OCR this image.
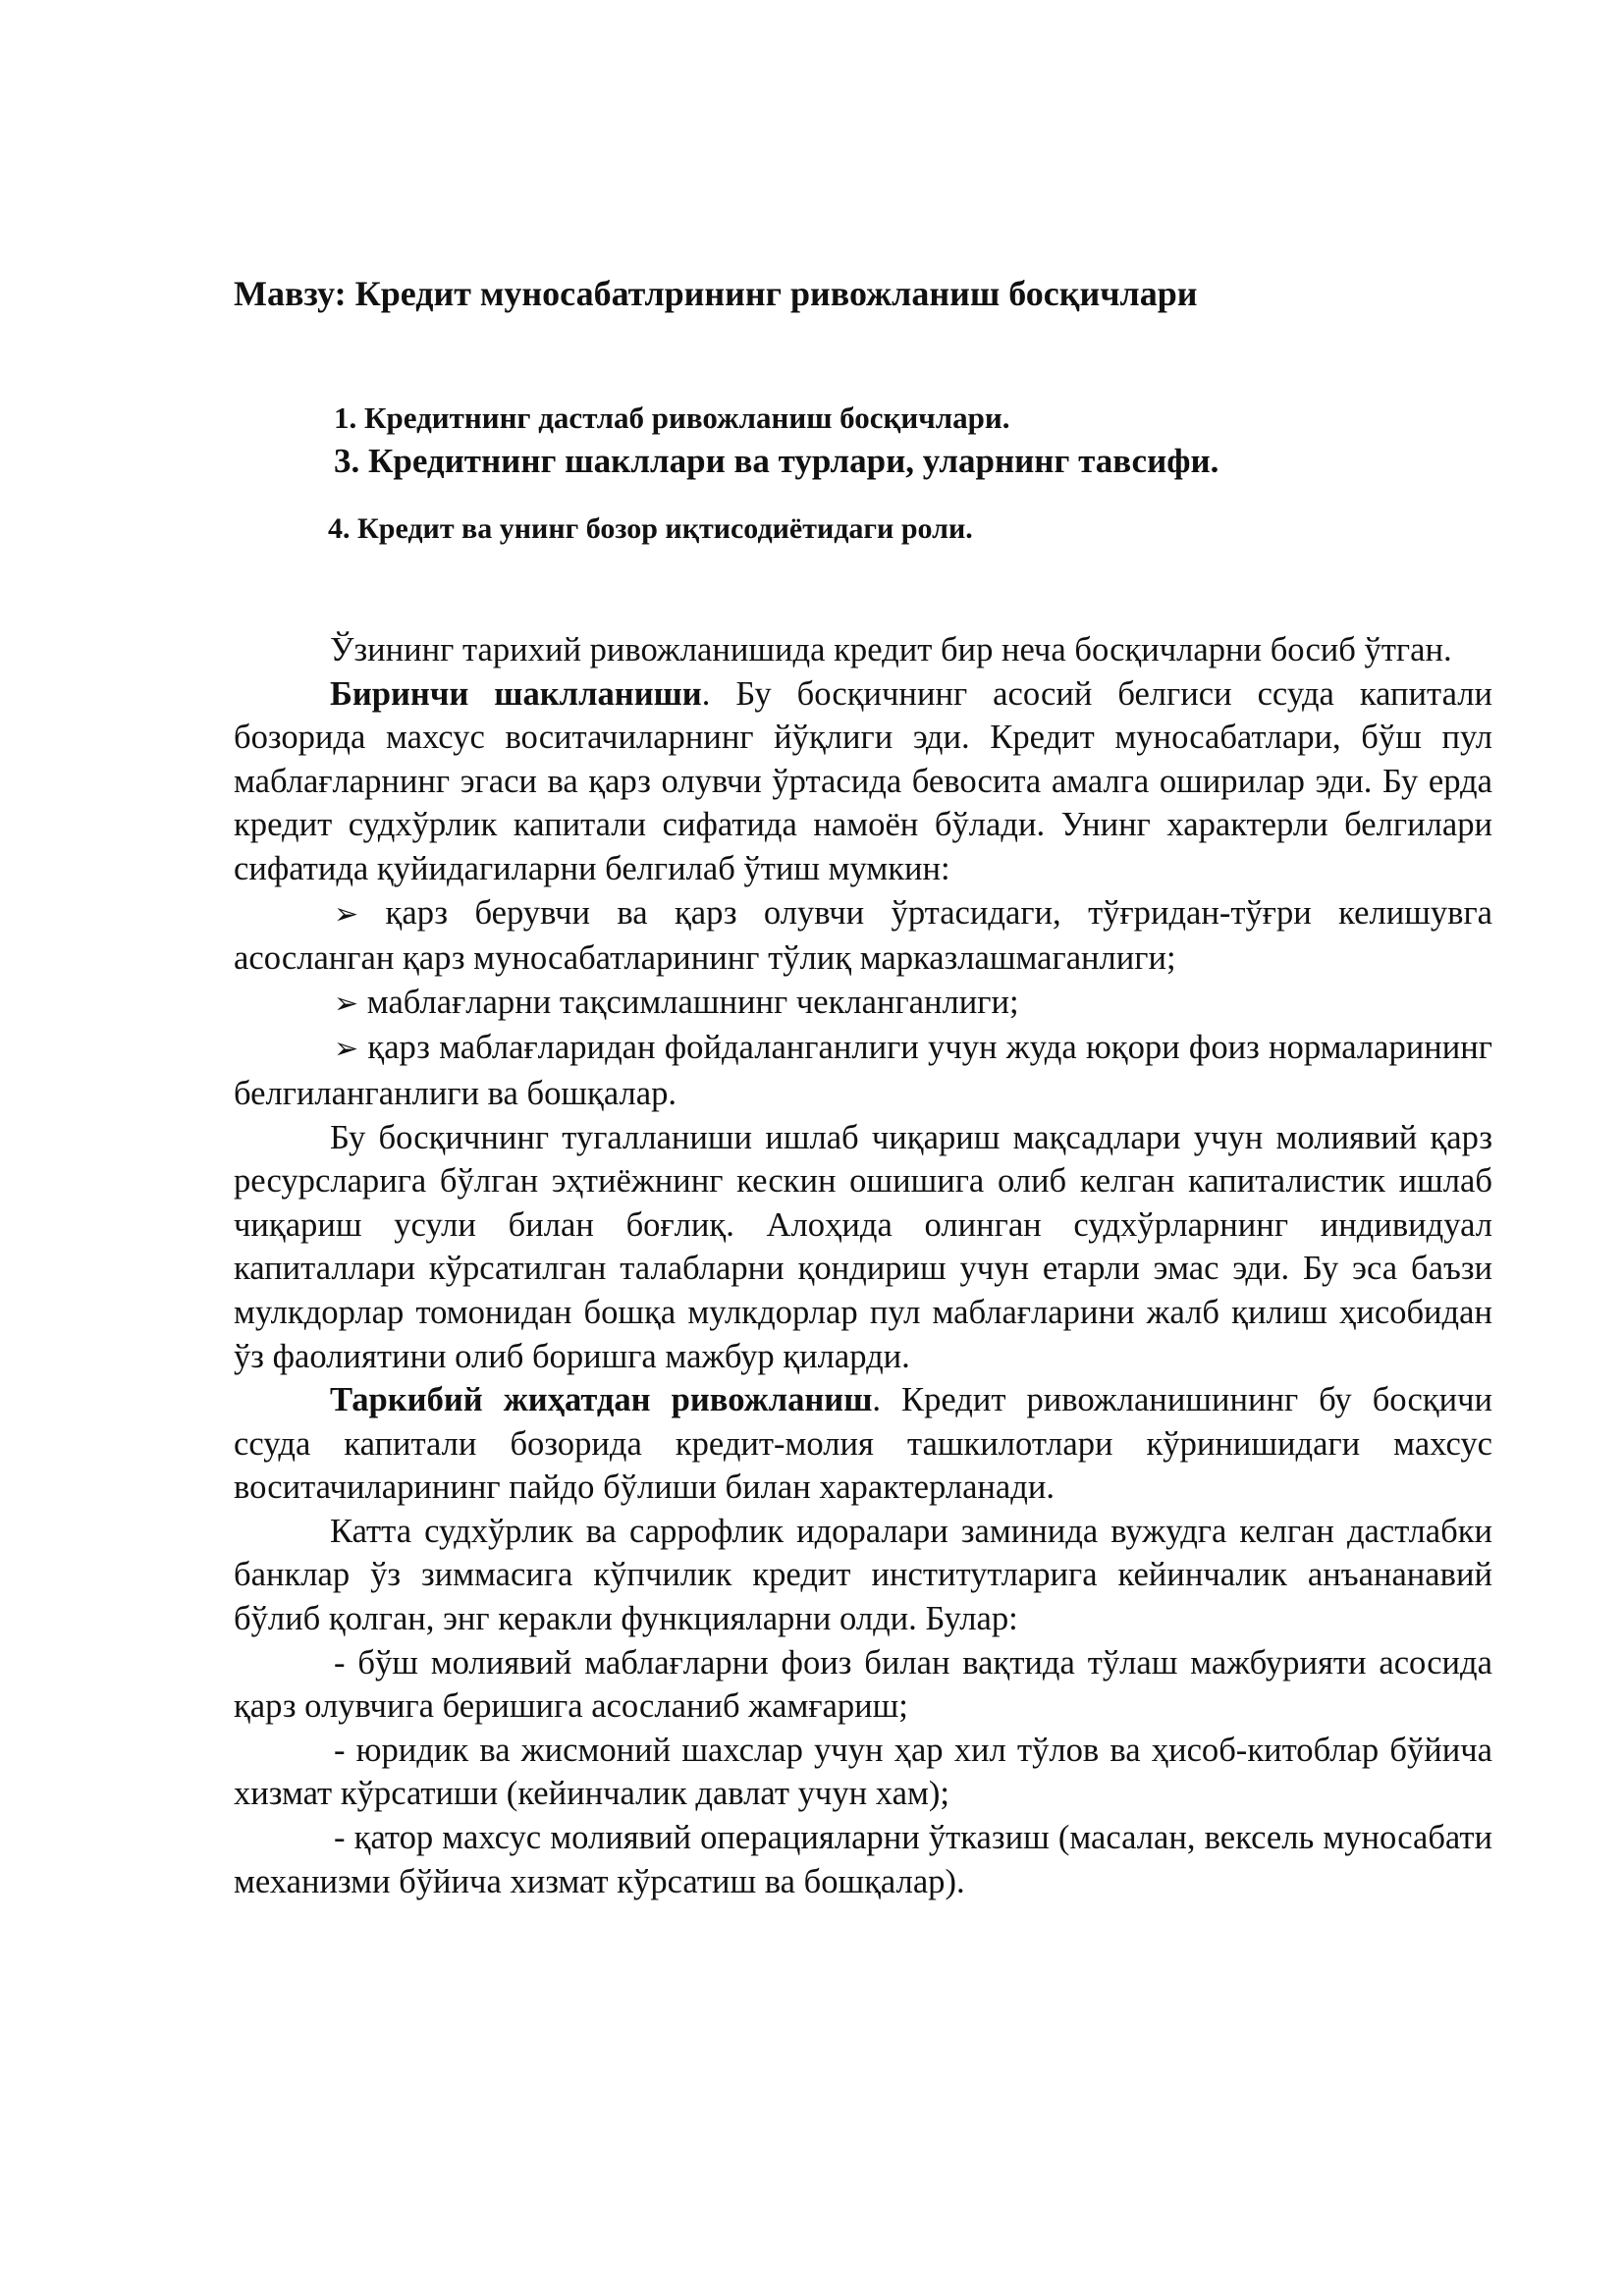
Мавзу: Кредит муносабатлрининг ривожланиш босқичлари
1. Кредитнинг дастлаб ривожланиш босқичлари.
3. Кредитнинг шакллари ва турлари, уларнинг тавсифи.
4. Кредит ва унинг бозор иқтисодиётидаги роли.

Ўзининг тарихий ривожланишида кредит бир неча босқичларни босиб ўтган.

Биринчи шаклланиши. Бу босқичнинг асосий белгиси ссуда капитали бозорида махсус воситачиларнинг йўқлиги эди. Кредит муносабатлари, бўш пул маблағларнинг эгаси ва қарз олувчи ўртасида бевосита амалга оширилар эди. Бу ерда кредит судхўрлик капитали сифатида намоён бўлади. Унинг характерли белгилари сифатида қуйидагиларни белгилаб ўтиш мумкин:

➢ қарз берувчи ва қарз олувчи ўртасидаги, тўғридан-тўғри келишувга асосланган қарз муносабатларининг тўлиқ марказлашмаганлиги;

➢ маблағларни тақсимлашнинг чекланганлиги;

➢ қарз маблағларидан фойдаланганлиги учун жуда юқори фоиз нормаларининг белгиланганлиги ва бошқалар.

Бу босқичнинг тугалланиши ишлаб чиқариш мақсадлари учун молиявий қарз ресурсларига бўлган эҳтиёжнинг кескин ошишига олиб келган капиталистик ишлаб чиқариш усули билан боғлиқ. Алоҳида олинган судхўрларнинг индивидуал капиталлари кўрсатилган талабларни қондириш учун етарли эмас эди. Бу эса баъзи мулкдорлар томонидан бошқа мулкдорлар пул маблағларини жалб қилиш ҳисобидан ўз фаолиятини олиб боришга мажбур қиларди.

Таркибий жиҳатдан ривожланиш. Кредит ривожланишининг бу босқичи ссуда капитали бозорида кредит-молия ташкилотлари кўринишидаги махсус воситачиларининг пайдо бўлиши билан характерланади.

Катта судхўрлик ва саррофлик идоралари заминида вужудга келган дастлабки банклар ўз зиммасига кўпчилик кредит институтларига кейинчалик анъананавий бўлиб қолган, энг керакли функцияларни олди. Булар:

- бўш молиявий маблағларни фоиз билан вақтида тўлаш мажбурияти асосида қарз олувчига беришига асосланиб жамғариш;

- юридик ва жисмоний шахслар учун ҳар хил тўлов ва ҳисоб-китоблар бўйича хизмат кўрсатиши (кейинчалик давлат учун хам);

- қатор махсус молиявий операцияларни ўтказиш (масалан, вексель муносабати механизми бўйича хизмат кўрсатиш ва бошқалар).
